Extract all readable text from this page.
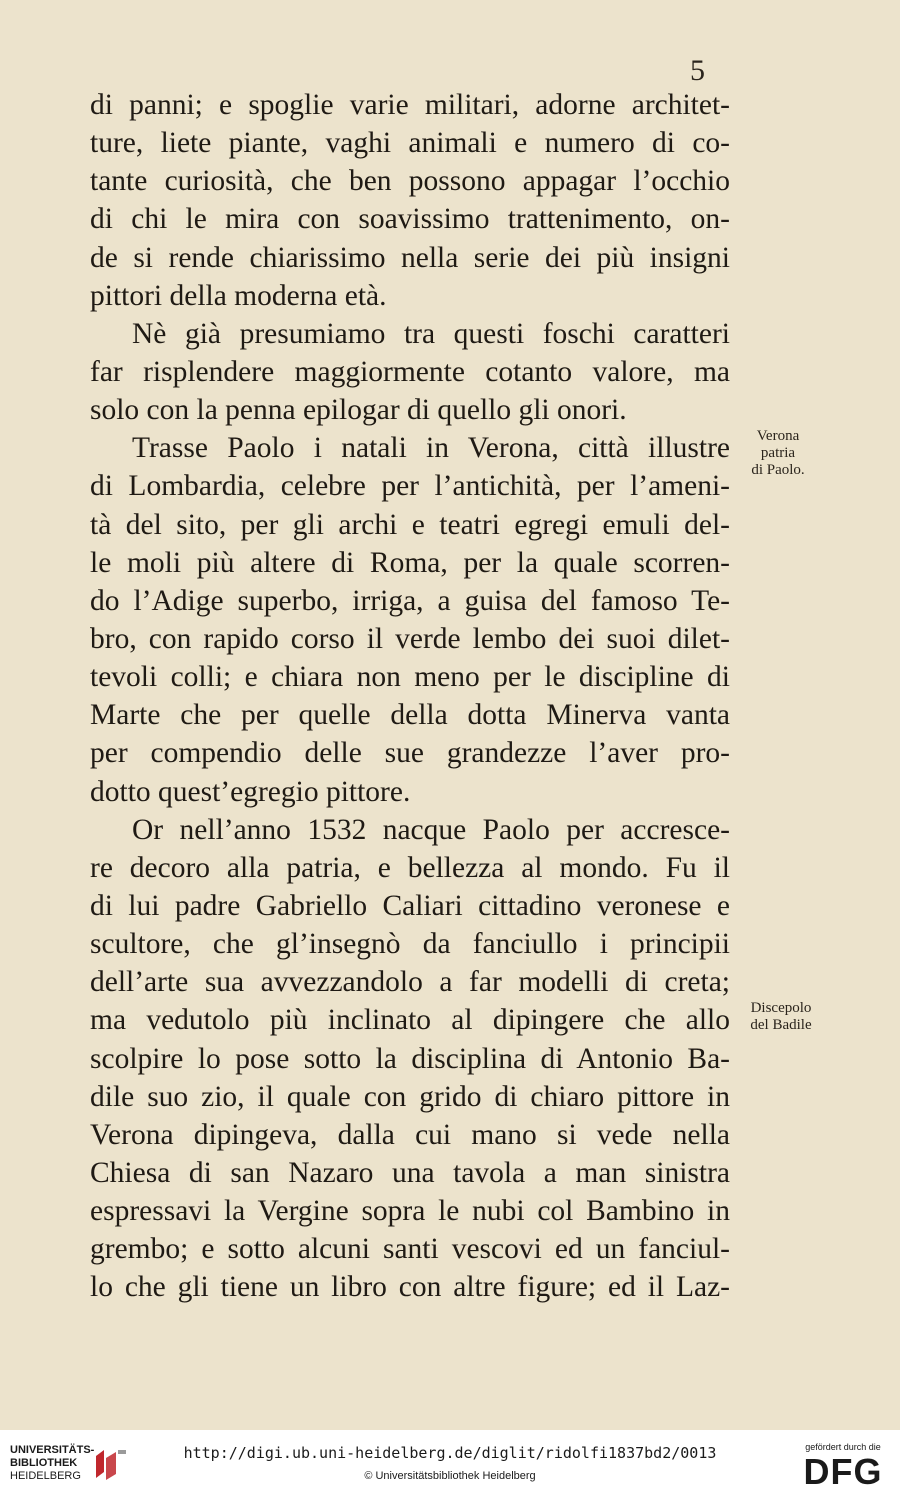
5
di panni; e spoglie varie militari, adorne architet-
ture, liete piante, vaghi animali e numero di co-
tante curiosità, che ben possono appagar l’occhio
di chi le mira con soavissimo trattenimento, on-
de si rende chiarissimo nella serie dei più insigni
pittori della moderna età.
Nè già presumiamo tra questi foschi caratteri
far risplendere maggiormente cotanto valore, ma
solo con la penna epilogar di quello gli onori.
Trasse Paolo i natali in Verona, città illustre
di Lombardia, celebre per l’antichità, per l’ameni-
tà del sito, per gli archi e teatri egregi emuli del-
le moli più altere di Roma, per la quale scorren-
do l’Adige superbo, irriga, a guisa del famoso Te-
bro, con rapido corso il verde lembo dei suoi dilet-
tevoli colli; e chiara non meno per le discipline di
Marte che per quelle della dotta Minerva vanta
per compendio delle sue grandezze l’aver pro-
dotto quest’egregio pittore.
Or nell’anno 1532 nacque Paolo per accresce-
re decoro alla patria, e bellezza al mondo. Fu il
di lui padre Gabriello Caliari cittadino veronese e
scultore, che gl’insegnò da fanciullo i principii
dell’arte sua avvezzandolo a far modelli di creta;
ma vedutolo più inclinato al dipingere che allo
scolpire lo pose sotto la disciplina di Antonio Ba-
dile suo zio, il quale con grido di chiaro pittore in
Verona dipingeva, dalla cui mano si vede nella
Chiesa di san Nazaro una tavola a man sinistra
espressavi la Vergine sopra le nubi col Bambino in
grembo; e sotto alcuni santi vescovi ed un fanciul-
lo che gli tiene un libro con altre figure; ed il Laz-
Verona
patria
di Paolo.
Discepolo
del Badile
UNIVERSITÄTS-
BIBLIOTHEK
HEIDELBERG
http://digi.ub.uni-heidelberg.de/diglit/ridolfi1837bd2/0013
© Universitätsbibliothek Heidelberg
gefördert durch die
DFG
